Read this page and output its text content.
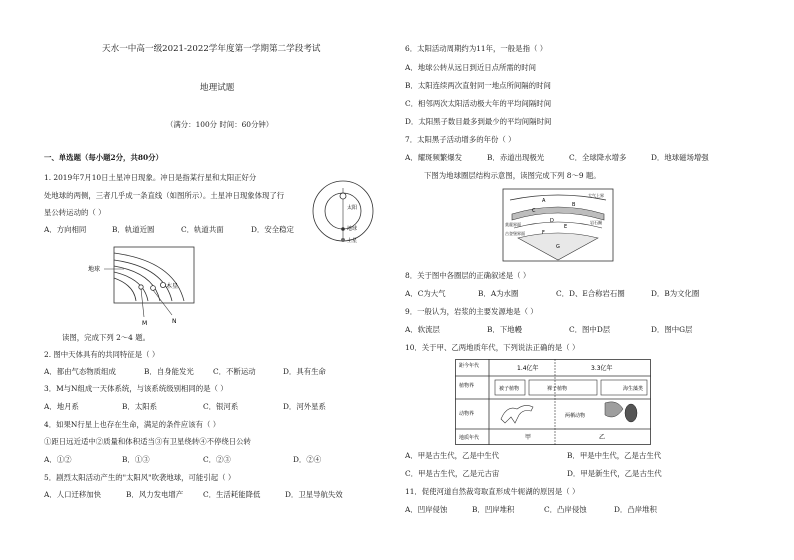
天水一中高一级2021-2022学年度第一学期第二学段考试
地理试题
（满分：100分 时间：60分钟）
一、单选题（每小题2分，共80分）
1. 2019年7月10日土星冲日现象。冲日是指某行星和太阳正好分
处地球的两侧，三者几乎成一条直线（如图所示）。土星冲日现象体现了行
星公转运动的（ ）
A．方向相同	B．轨道近圆	C．轨道共面	D．安全稳定
太阳
地球
土星
地球
木星
M	N
读图，完成下列 2～4 题。
2. 图中天体具有的共同特征是（ ）
A．都由气态物质组成	B．自身能发光	C．不断运动	D．具有生命
3．M与N组成一天体系统，与该系统级别相同的是（ ）
A．地月系	B．太阳系	C．银河系	D．河外星系
4．如果N行星上也存在生命，满足的条件应该有（ ）
①距日远近适中②质量和体积适当③有卫星绕转④不停绕日公转
A．①②	B．①③	C．②③	D．②④
5．剧烈太阳活动产生的"太阳风"吹袭地球，可能引起（ ）
A．人口迁移加快	B．风力发电增产	C．生活耗能降低	D．卫星导航失效
6．太阳活动周期约为11年，一般是指（ ）
A．地球公转从远日到近日点所需的时间
B．太阳连续两次直射同一地点所间隔的时间
C．相邻两次太阳活动极大年的平均间隔时间
D．太阳黑子数目最多到最少的平均间隔时间
7．太阳黑子活动增多的年份（ ）
A．耀斑频繁爆发	B．赤道出现极光	C．全球降水增多	D．地球磁场增强
下图为地球圈层结构示意图，读图完成下列 8～9 题。
大气上界
莫霍界面
古登堡界面
岩石圈
A
B
C
D
E
F
G
8．关于图中各圈层的正确叙述是（ ）
A．C为大气	B．A为水圈	C．D、E合称岩石圈	D．B为文化圈
9．一般认为，岩浆的主要发源地是（ ）
A．软流层	B．下地幔	C．图中D层	D．图中G层
10．关于甲、乙两地质年代，下列说法正确的是（ ）
距今年代	1.4亿年	3.3亿年
植物界	被子植物	裸子植物	海生藻类
动物界	两栖动物
地质年代	甲	乙
A．甲是古生代，乙是中生代	B．甲是中生代，乙是古生代
C．甲是古生代，乙是元古宙	D．甲是新生代，乙是古生代
11．促使河道自然裁弯取直形成牛轭湖的原因是（ ）
A．凹岸侵蚀	B．凹岸堆积	C．凸岸侵蚀	D．凸岸堆积
